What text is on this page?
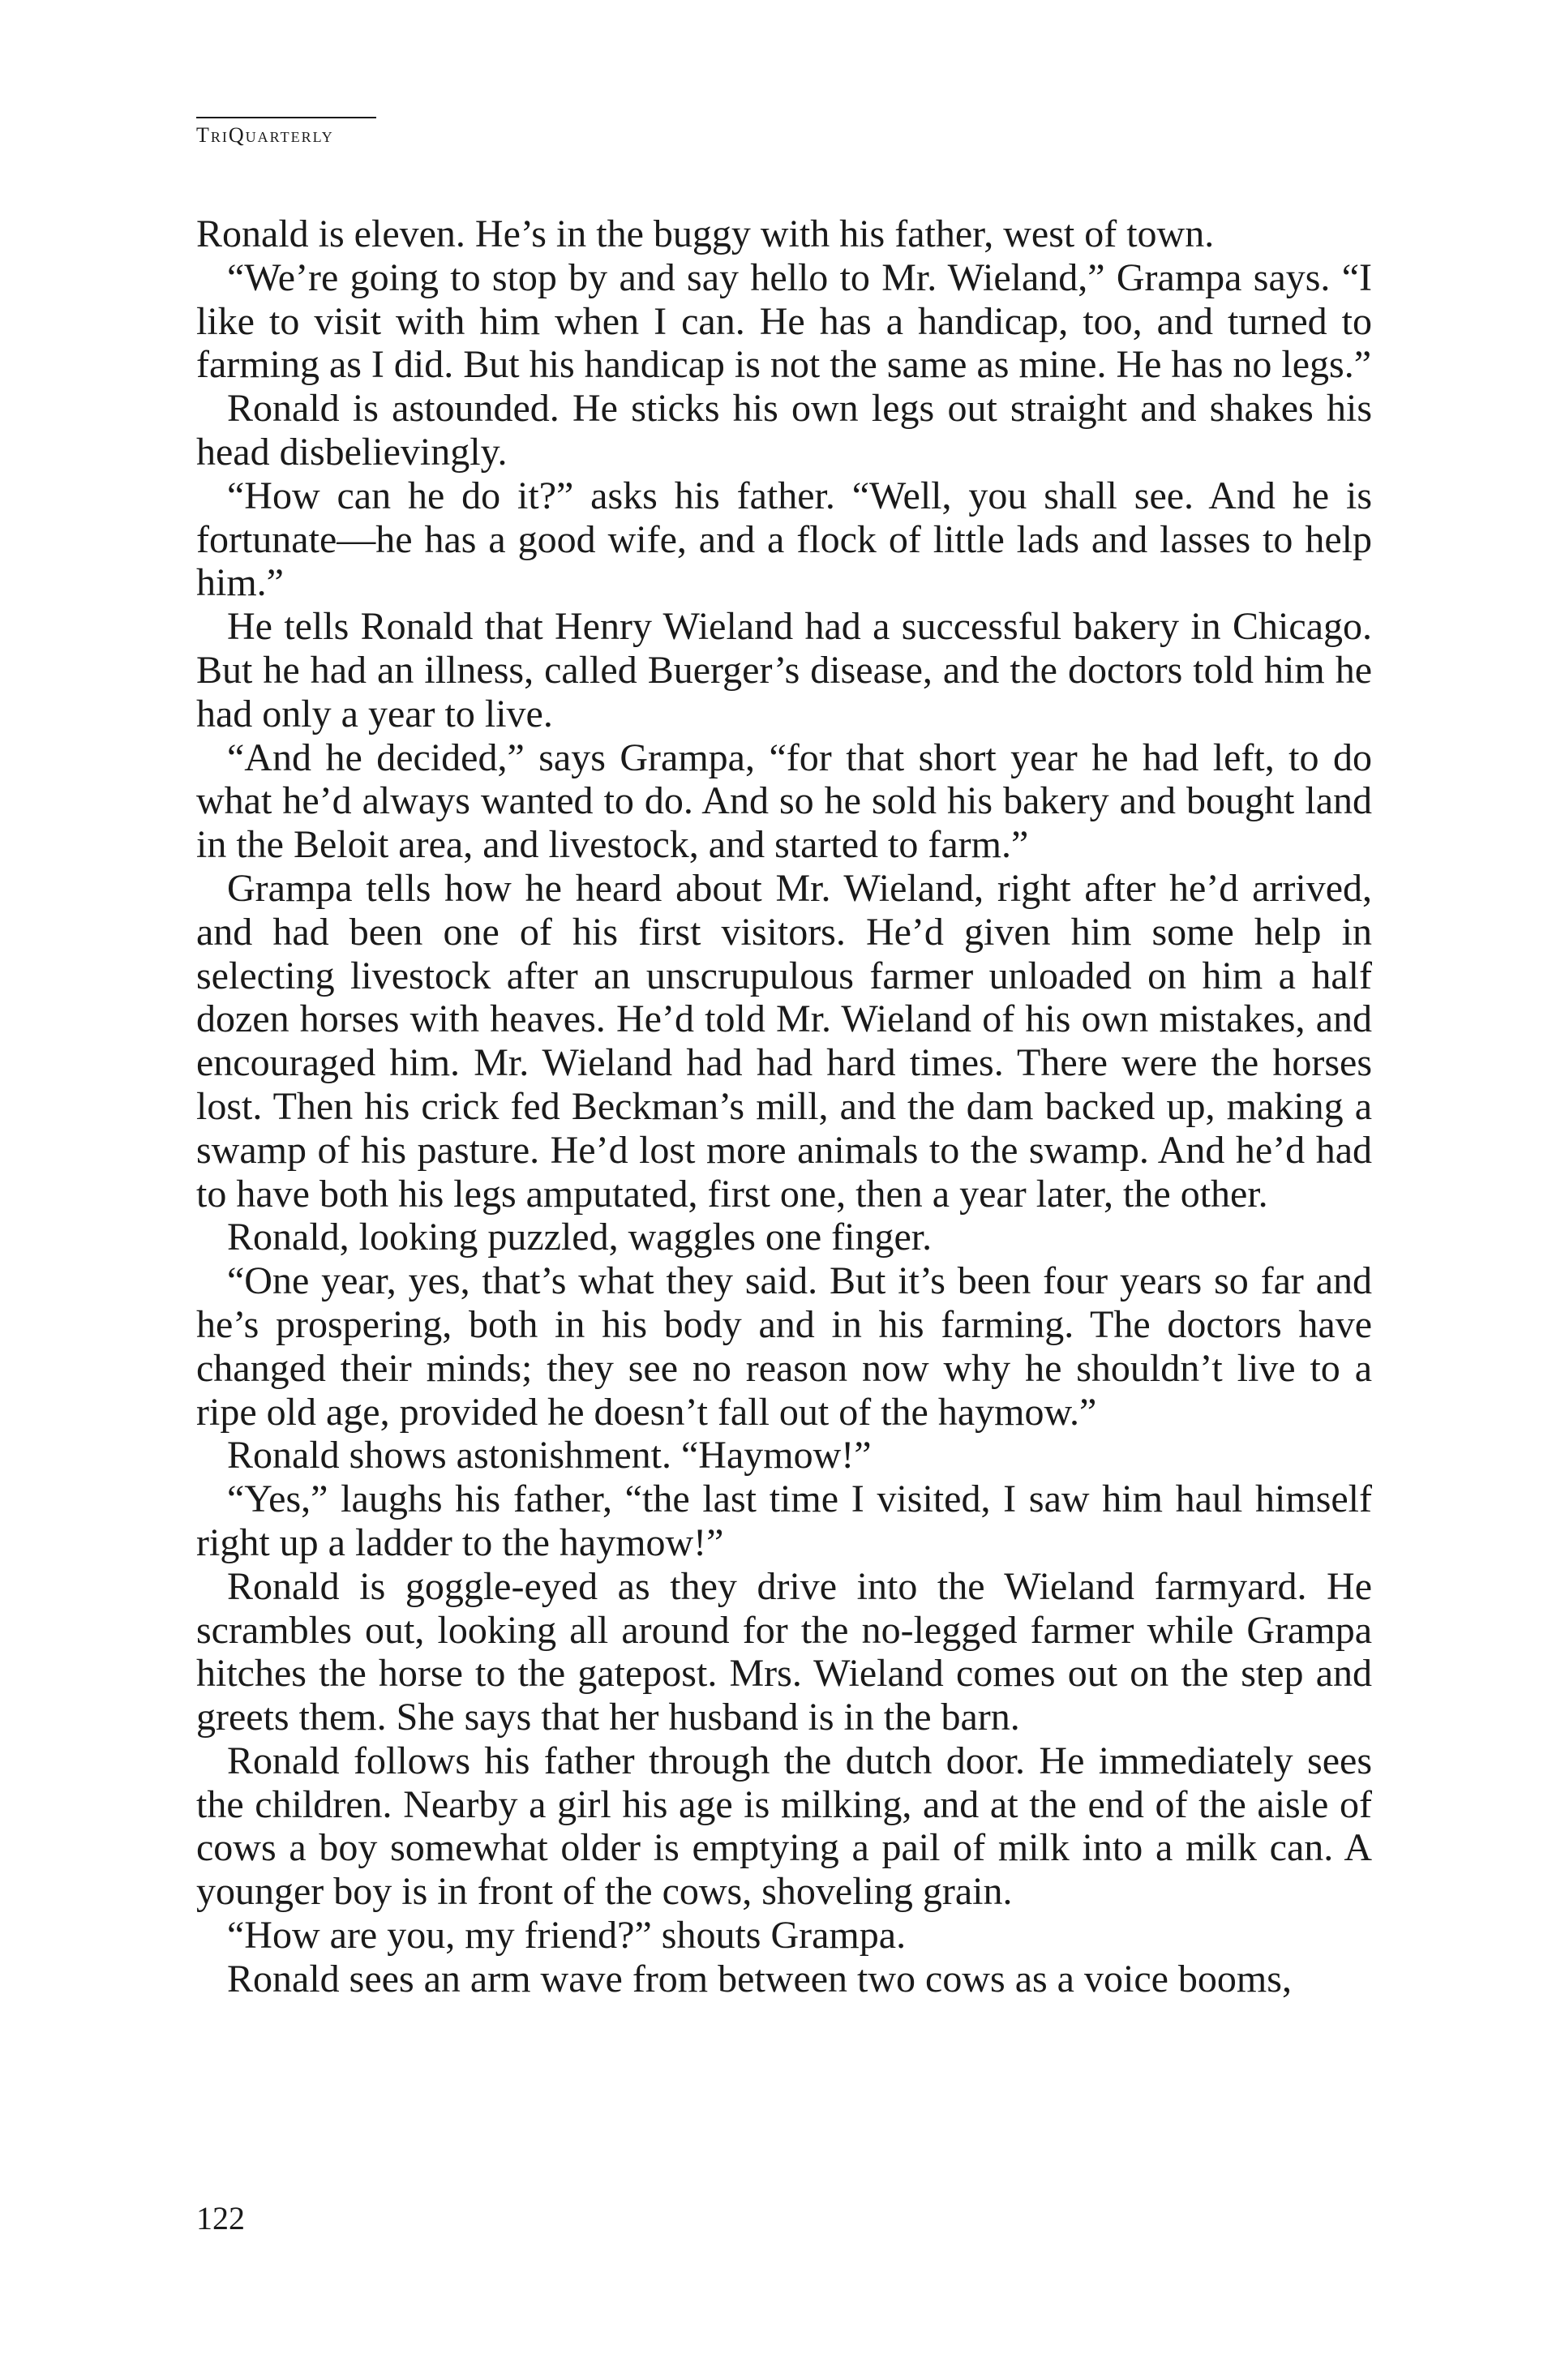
TriQuarterly

Ronald is eleven. He’s in the buggy with his father, west of town.

“We’re going to stop by and say hello to Mr. Wieland,” Grampa says. “I like to visit with him when I can. He has a handicap, too, and turned to farming as I did. But his handicap is not the same as mine. He has no legs.”

Ronald is astounded. He sticks his own legs out straight and shakes his head disbelievingly.

“How can he do it?” asks his father. “Well, you shall see. And he is fortunate—he has a good wife, and a flock of little lads and lasses to help him.”

He tells Ronald that Henry Wieland had a successful bakery in Chicago. But he had an illness, called Buerger’s disease, and the doctors told him he had only a year to live.

“And he decided,” says Grampa, “for that short year he had left, to do what he’d always wanted to do. And so he sold his bakery and bought land in the Beloit area, and livestock, and started to farm.”

Grampa tells how he heard about Mr. Wieland, right after he’d arrived, and had been one of his first visitors. He’d given him some help in selecting livestock after an unscrupulous farmer unloaded on him a half dozen horses with heaves. He’d told Mr. Wieland of his own mistakes, and encouraged him. Mr. Wieland had had hard times. There were the horses lost. Then his crick fed Beckman’s mill, and the dam backed up, making a swamp of his pasture. He’d lost more animals to the swamp. And he’d had to have both his legs amputated, first one, then a year later, the other.

Ronald, looking puzzled, waggles one finger.

“One year, yes, that’s what they said. But it’s been four years so far and he’s prospering, both in his body and in his farming. The doctors have changed their minds; they see no reason now why he shouldn’t live to a ripe old age, provided he doesn’t fall out of the haymow.”

Ronald shows astonishment. “Haymow!”

“Yes,” laughs his father, “the last time I visited, I saw him haul himself right up a ladder to the haymow!”

Ronald is goggle-eyed as they drive into the Wieland farmyard. He scrambles out, looking all around for the no-legged farmer while Grampa hitches the horse to the gatepost. Mrs. Wieland comes out on the step and greets them. She says that her husband is in the barn.

Ronald follows his father through the dutch door. He immediately sees the children. Nearby a girl his age is milking, and at the end of the aisle of cows a boy somewhat older is emptying a pail of milk into a milk can. A younger boy is in front of the cows, shoveling grain.

“How are you, my friend?” shouts Grampa.

Ronald sees an arm wave from between two cows as a voice booms,

122
